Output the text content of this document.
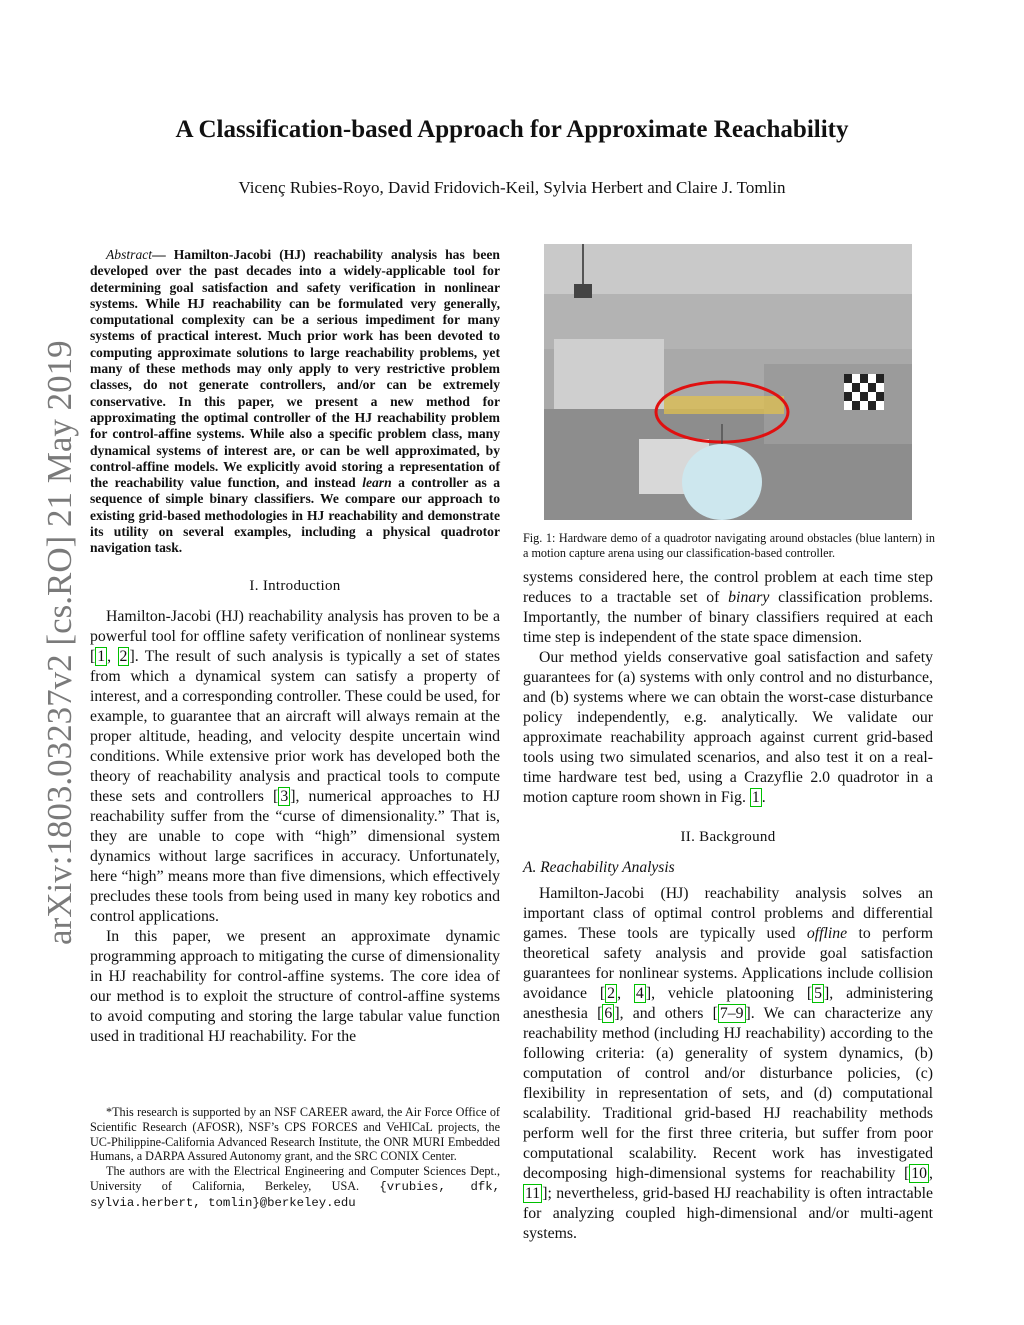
arXiv:1803.03237v2 [cs.RO] 21 May 2019
A Classification-based Approach for Approximate Reachability
Vicenç Rubies-Royo, David Fridovich-Keil, Sylvia Herbert and Claire J. Tomlin

Abstract— Hamilton-Jacobi (HJ) reachability analysis has been developed over the past decades into a widely-applicable tool for determining goal satisfaction and safety verification in nonlinear systems. While HJ reachability can be formulated very generally, computational complexity can be a serious impediment for many systems of practical interest. Much prior work has been devoted to computing approximate solutions to large reachability problems, yet many of these methods may only apply to very restrictive problem classes, do not generate controllers, and/or can be extremely conservative. In this paper, we present a new method for approximating the optimal controller of the HJ reachability problem for control-affine systems. While also a specific problem class, many dynamical systems of interest are, or can be well approximated, by control-affine models. We explicitly avoid storing a representation of the reachability value function, and instead learn a controller as a sequence of simple binary classifiers. We compare our approach to existing grid-based methodologies in HJ reachability and demonstrate its utility on several examples, including a physical quadrotor navigation task.

I. Introduction

Hamilton-Jacobi (HJ) reachability analysis has proven to be a powerful tool for offline safety verification of nonlinear systems [ 1 , 2 ]. The result of such analysis is typically a set of states from which a dynamical system can satisfy a property of interest, and a corresponding controller. These could be used, for example, to guarantee that an aircraft will always remain at the proper altitude, heading, and velocity despite uncertain wind conditions. While extensive prior work has developed both the theory of reachability analysis and practical tools to compute these sets and controllers [ 3 ], numerical approaches to HJ reachability suffer from the “curse of dimensionality.” That is, they are unable to cope with “high” dimensional system dynamics without large sacrifices in accuracy. Unfortunately, here “high” means more than five dimensions, which effectively precludes these tools from being used in many key robotics and control applications.

In this paper, we present an approximate dynamic programming approach to mitigating the curse of dimensionality in HJ reachability for control-affine systems. The core idea of our method is to exploit the structure of control-affine systems to avoid computing and storing the large tabular value function used in traditional HJ reachability. For the

*This research is supported by an NSF CAREER award, the Air Force Office of Scientific Research (AFOSR), NSF’s CPS FORCES and VeHICaL projects, the UC-Philippine-California Advanced Research Institute, the ONR MURI Embedded Humans, a DARPA Assured Autonomy grant, and the SRC CONIX Center.

The authors are with the Electrical Engineering and Computer Sciences Dept., University of California, Berkeley, USA. {vrubies, dfk, sylvia.herbert, tomlin}@berkeley.edu

Fig. 1: Hardware demo of a quadrotor navigating around obstacles (blue lantern) in a motion capture arena using our classification-based controller.

systems considered here, the control problem at each time step reduces to a tractable set of binary classification problems. Importantly, the number of binary classifiers required at each time step is independent of the state space dimension.

Our method yields conservative goal satisfaction and safety guarantees for (a) systems with only control and no disturbance, and (b) systems where we can obtain the worst-case disturbance policy independently, e.g. analytically. We validate our approximate reachability approach against current grid-based tools using two simulated scenarios, and also test it on a real-time hardware test bed, using a Crazyflie 2.0 quadrotor in a motion capture room shown in Fig. 1 .

II. Background
A. Reachability Analysis

Hamilton-Jacobi (HJ) reachability analysis solves an important class of optimal control problems and differential games. These tools are typically used offline to perform theoretical safety analysis and provide goal satisfaction guarantees for nonlinear systems. Applications include collision avoidance [ 2 , 4 ], vehicle platooning [ 5 ], administering anesthesia [ 6 ], and others [ 7–9 ]. We can characterize any reachability method (including HJ reachability) according to the following criteria: (a) generality of system dynamics, (b) computation of control and/or disturbance policies, (c) flexibility in representation of sets, and (d) computational scalability. Traditional grid-based HJ reachability methods perform well for the first three criteria, but suffer from poor computational scalability. Recent work has investigated decomposing high-dimensional systems for reachability [ 10 , 11 ]; nevertheless, grid-based HJ reachability is often intractable for analyzing coupled high-dimensional and/or multi-agent systems.
